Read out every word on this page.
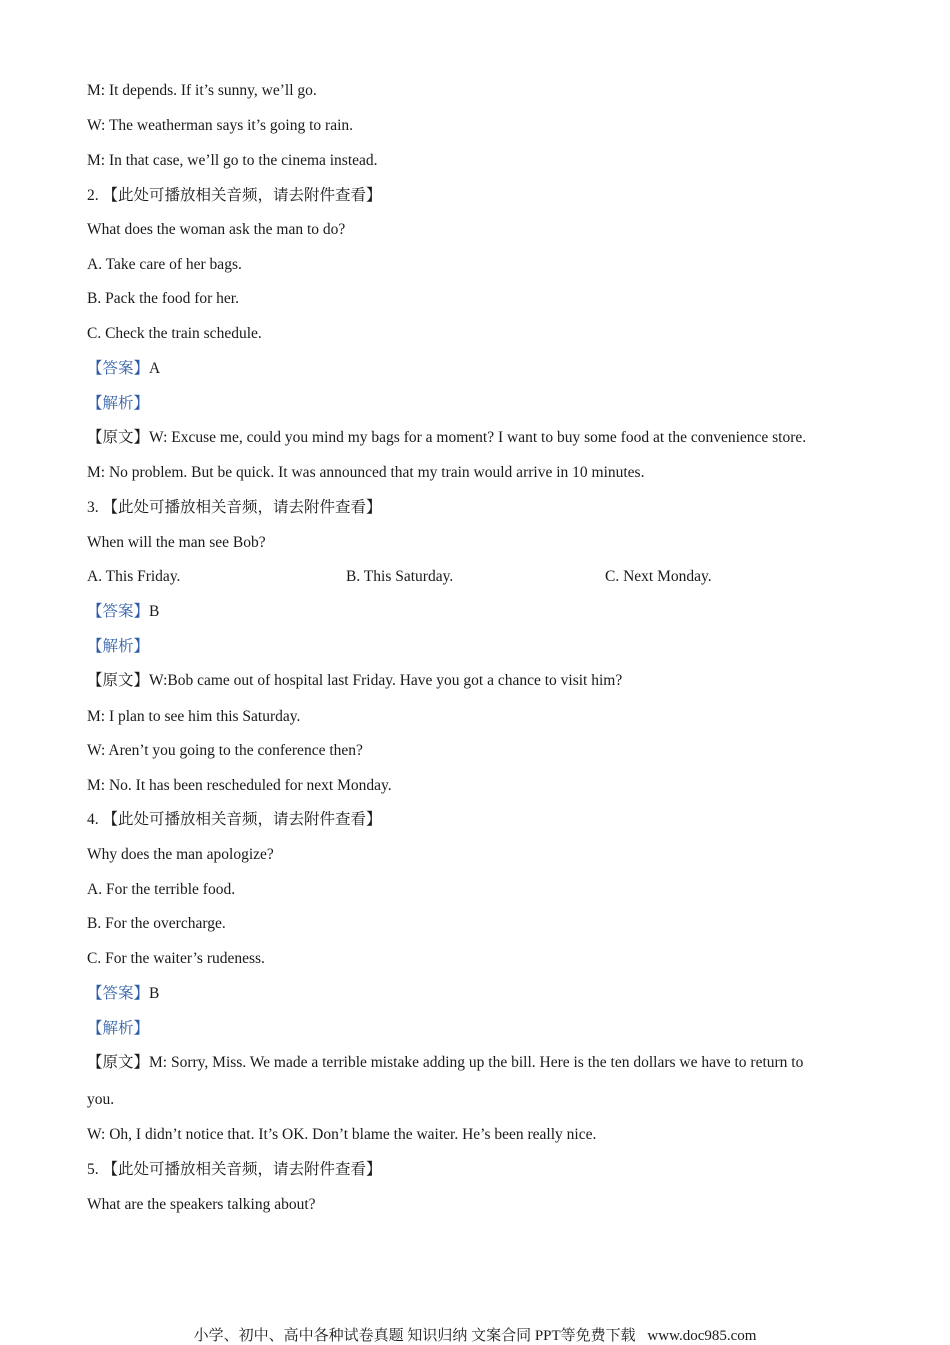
M: It depends. If it’s sunny, we’ll go.
W: The weatherman says it’s going to rain.
M: In that case, we’ll go to the cinema instead.
2. 【此处可播放相关音频，请去附件查看】
What does the woman ask the man to do?
A. Take care of her bags.
B. Pack the food for her.
C. Check the train schedule.
【答案】A
【解析】
【原文】W: Excuse me, could you mind my bags for a moment? I want to buy some food at the convenience store.
M: No problem. But be quick. It was announced that my train would arrive in 10 minutes.
3. 【此处可播放相关音频，请去附件查看】
When will the man see Bob?
A. This Friday.	B. This Saturday.	C. Next Monday.
【答案】B
【解析】
【原文】W:Bob came out of hospital last Friday. Have you got a chance to visit him?
M: I plan to see him this Saturday.
W: Aren’t you going to the conference then?
M: No. It has been rescheduled for next Monday.
4. 【此处可播放相关音频，请去附件查看】
Why does the man apologize?
A. For the terrible food.
B. For the overcharge.
C. For the waiter’s rudeness.
【答案】B
【解析】
【原文】M: Sorry, Miss. We made a terrible mistake adding up the bill. Here is the ten dollars we have to return to
you.
W: Oh, I didn’t notice that. It’s OK. Don’t blame the waiter. He’s been really nice.
5. 【此处可播放相关音频，请去附件查看】
What are the speakers talking about?
小学、初中、高中各种试卷真题 知识归纳 文案合同 PPT等免费下载 www.doc985.com
